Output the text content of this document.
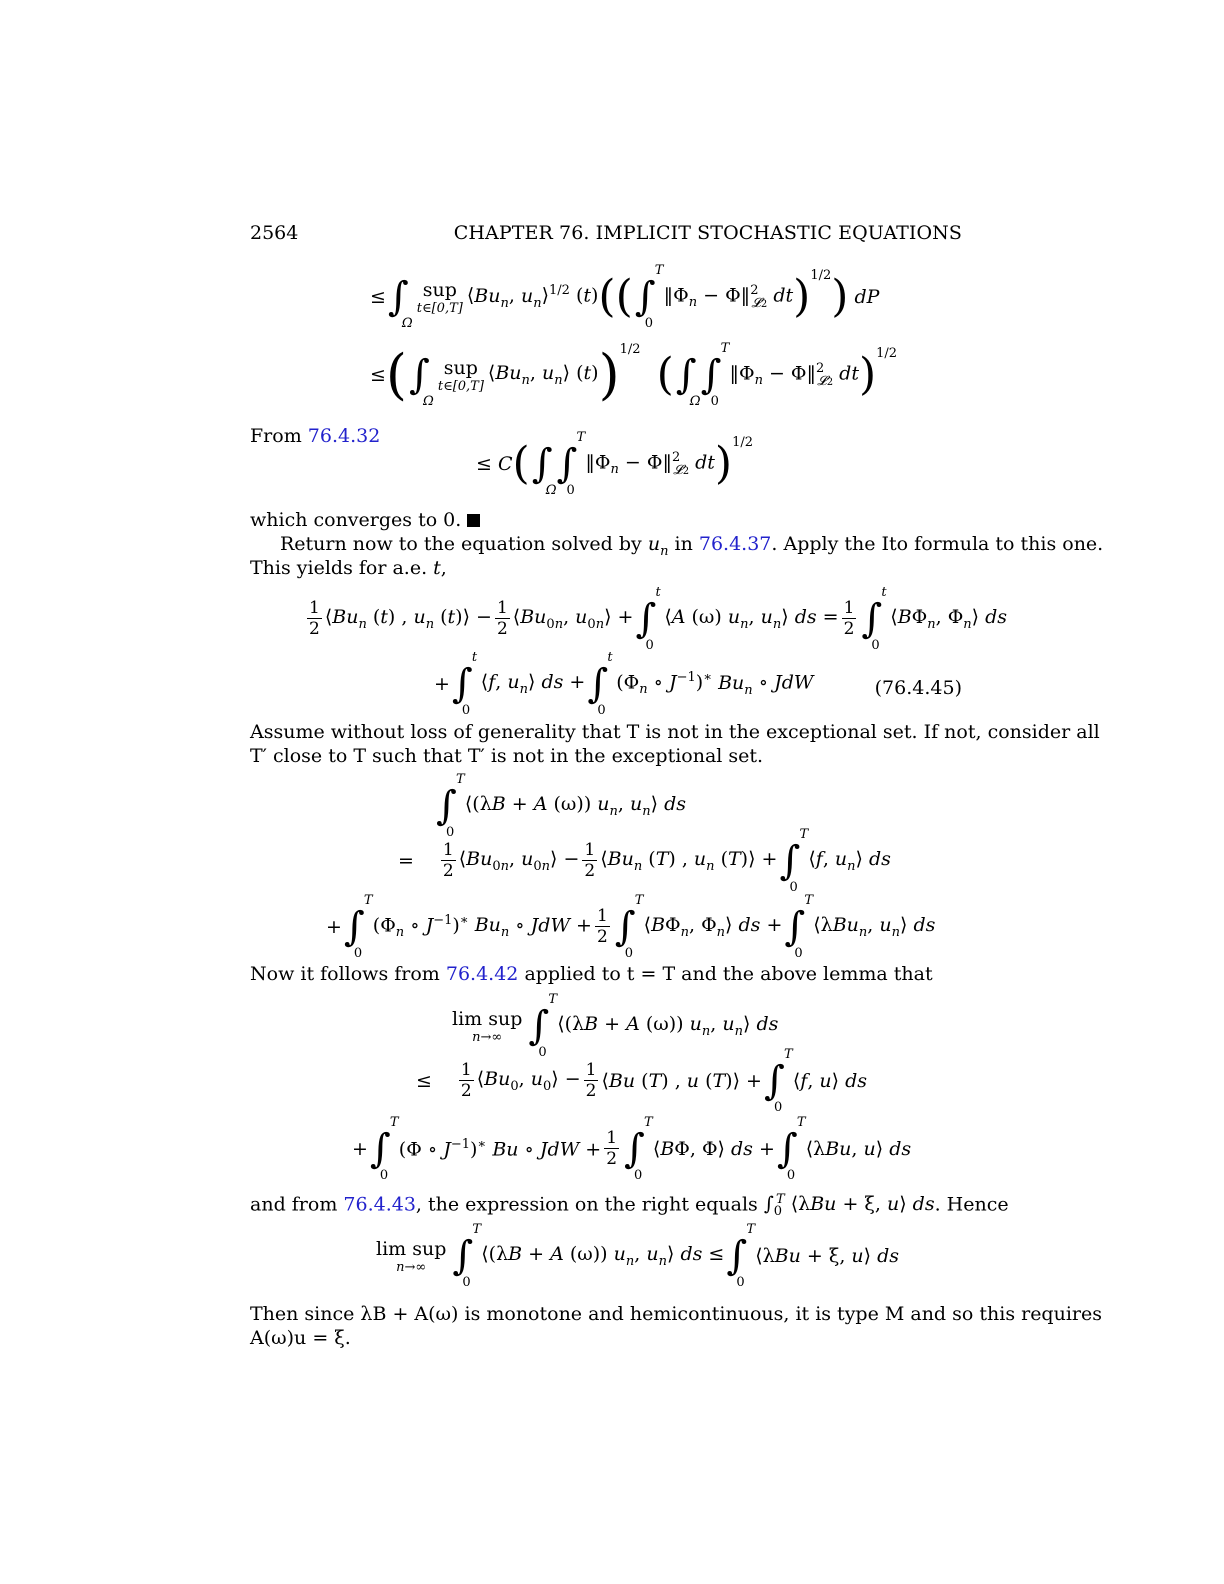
2564	CHAPTER 76. IMPLICIT STOCHASTIC EQUATIONS
≤ ∫
Ω
sup
t∈[0,T]
$⟨Bu_n$, $u_n⟩^{1/2}$ (t) (( ∫
T
0
$‖\Phi_n$ − Φ‖$^2_{𝓛2}$ dt ) 1/2 ) dP
≤ ( ∫
Ω
sup
t∈[0,T]
$⟨Bu_n$, $u_n⟩$ (t) ) 1/2 ( ∫
Ω
∫
T
0
$‖\Phi_n$ − Φ‖$^2_{𝓛2}$ dt ) 1/2
From 76.4.32
≤ C ( ∫
Ω
∫
T
0
$‖\Phi_n$ − Φ‖$^2_{𝓛2}$ dt ) 1/2
which converges to 0.
Return now to the equation solved by $u_n$ in 76.4.37. Apply the Ito formula to this one.
This yields for a.e. t,
$\frac{1}{2}$ $⟨Bu_n$ (t) , $u_n$ (t)⟩ − $\frac{1}{2}$ $⟨Bu_{0n}$, $u_{0n}⟩$ + ∫
t
0
⟨A (ω) $u_n$, $u_n⟩$ ds = $\frac{1}{2}$ ∫
t
0
$⟨B\Phi_n$, $\Phi_n⟩$ ds
+ ∫
t
0
⟨f, $u_n⟩$ ds + ∫
t
0
($\Phi_n$ ∘ $J^{-1})^∗$ $Bu_n$ ∘ JdW	(76.4.45)
Assume without loss of generality that T is not in the exceptional set. If not, consider all
T′ close to T such that T′ is not in the exceptional set.
∫
T
0
⟨(λB + A (ω)) $u_n$, $u_n⟩$ ds
= $\frac{1}{2}$ $⟨Bu_{0n}$, $u_{0n}⟩ - \frac{1}{2}$ $⟨Bu_n$ (T) , $u_n$ (T)⟩ + ∫
T
0
⟨f, $u_n⟩$ ds
+ ∫
T
0
($\Phi_n$ ∘ $J^{-1})^∗$ $Bu_n$ ∘ JdW + $\frac{1}{2}$ ∫
T
0
$⟨B\Phi_n$, $\Phi_n⟩$ ds + ∫
T
0
⟨λBu$_n$, $u_n⟩$ ds
Now it follows from 76.4.42 applied to t = T and the above lemma that
lim sup
n→∞ ∫
T
0
⟨(λB + A (ω)) $u_n$, $u_n⟩$ ds
≤ $\frac{1}{2}$ $⟨Bu_0$, $u_0⟩ - \frac{1}{2}$ ⟨Bu (T) , u (T)⟩ + ∫
T
0
⟨f, u⟩ ds
+ ∫
T
0
(Φ ∘ $J^{-1})^∗$ Bu ∘ JdW + $\frac{1}{2}$ ∫
T
0
⟨BΦ, Φ⟩ ds + ∫
T
0
⟨λBu, u⟩ ds
and from 76.4.43, the expression on the right equals $\int_0^T$ ⟨λBu + ξ, u⟩ ds. Hence
lim sup
n→∞ ∫
T
0
⟨(λB + A (ω)) $u_n$, $u_n⟩$ ds ≤ ∫
T
0
⟨λBu + ξ, u⟩ ds
Then since λB + A(ω) is monotone and hemicontinuous, it is type M and so this requires
A(ω)u = ξ.
